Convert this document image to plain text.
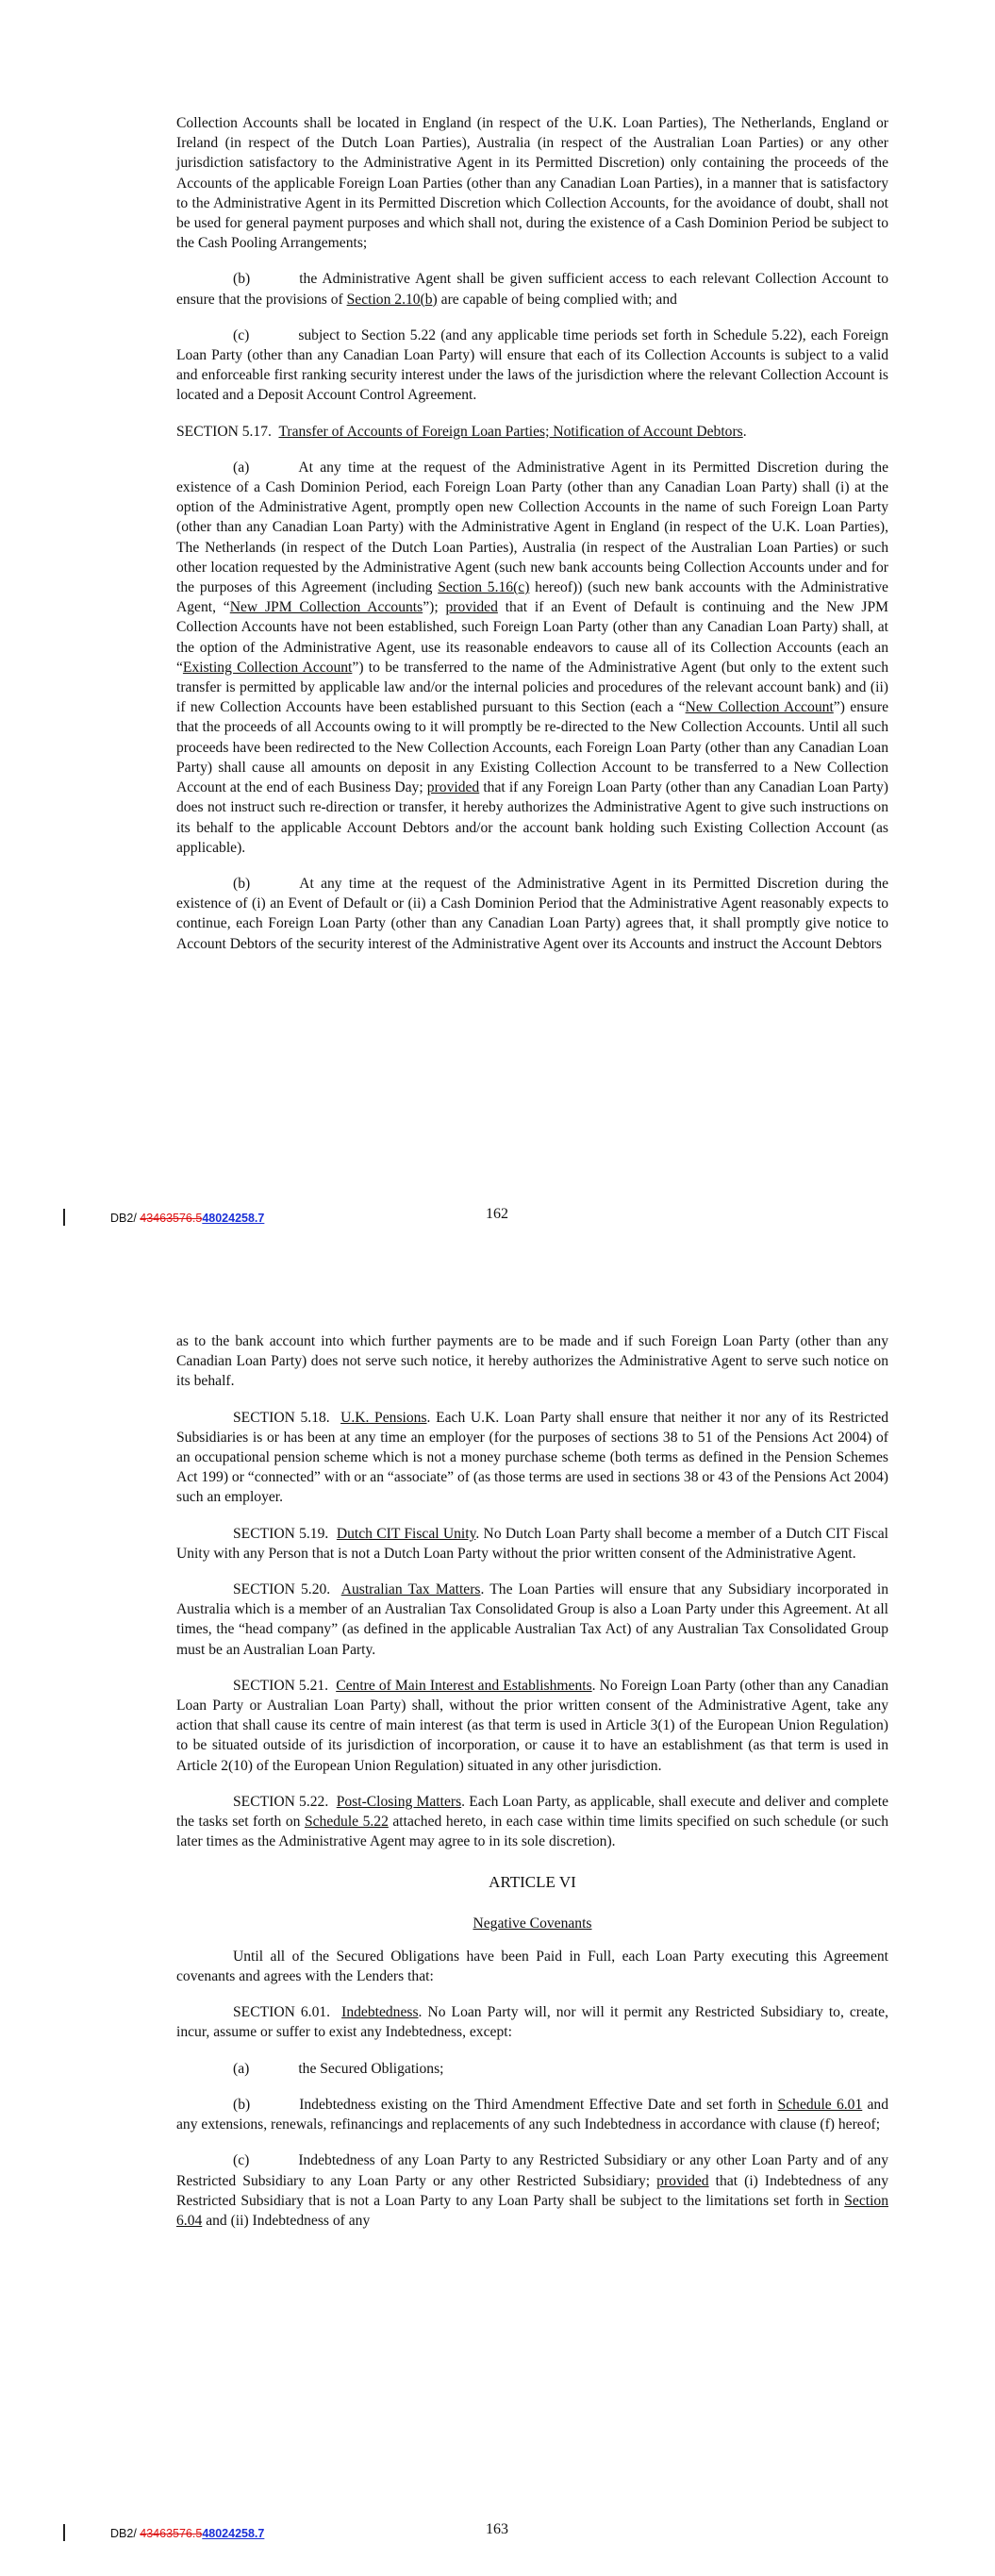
Collection Accounts shall be located in England (in respect of the U.K. Loan Parties), The Netherlands, England or Ireland (in respect of the Dutch Loan Parties), Australia (in respect of the Australian Loan Parties) or any other jurisdiction satisfactory to the Administrative Agent in its Permitted Discretion) only containing the proceeds of the Accounts of the applicable Foreign Loan Parties (other than any Canadian Loan Parties), in a manner that is satisfactory to the Administrative Agent in its Permitted Discretion which Collection Accounts, for the avoidance of doubt, shall not be used for general payment purposes and which shall not, during the existence of a Cash Dominion Period be subject to the Cash Pooling Arrangements;

(b)	the Administrative Agent shall be given sufficient access to each relevant Collection Account to ensure that the provisions of Section 2.10(b) are capable of being complied with; and

(c)	subject to Section 5.22 (and any applicable time periods set forth in Schedule 5.22), each Foreign Loan Party (other than any Canadian Loan Party) will ensure that each of its Collection Accounts is subject to a valid and enforceable first ranking security interest under the laws of the jurisdiction where the relevant Collection Account is located and a Deposit Account Control Agreement.

SECTION 5.17. Transfer of Accounts of Foreign Loan Parties; Notification of Account Debtors.

(a)	At any time at the request of the Administrative Agent in its Permitted Discretion during the existence of a Cash Dominion Period, each Foreign Loan Party (other than any Canadian Loan Party) shall (i) at the option of the Administrative Agent, promptly open new Collection Accounts in the name of such Foreign Loan Party (other than any Canadian Loan Party) with the Administrative Agent in England (in respect of the U.K. Loan Parties), The Netherlands (in respect of the Dutch Loan Parties), Australia (in respect of the Australian Loan Parties) or such other location requested by the Administrative Agent (such new bank accounts being Collection Accounts under and for the purposes of this Agreement (including Section 5.16(c) hereof)) (such new bank accounts with the Administrative Agent, “New JPM Collection Accounts”); provided that if an Event of Default is continuing and the New JPM Collection Accounts have not been established, such Foreign Loan Party (other than any Canadian Loan Party) shall, at the option of the Administrative Agent, use its reasonable endeavors to cause all of its Collection Accounts (each an “Existing Collection Account”) to be transferred to the name of the Administrative Agent (but only to the extent such transfer is permitted by applicable law and/or the internal policies and procedures of the relevant account bank) and (ii) if new Collection Accounts have been established pursuant to this Section (each a “New Collection Account”) ensure that the proceeds of all Accounts owing to it will promptly be re-directed to the New Collection Accounts. Until all such proceeds have been redirected to the New Collection Accounts, each Foreign Loan Party (other than any Canadian Loan Party) shall cause all amounts on deposit in any Existing Collection Account to be transferred to a New Collection Account at the end of each Business Day; provided that if any Foreign Loan Party (other than any Canadian Loan Party) does not instruct such re-direction or transfer, it hereby authorizes the Administrative Agent to give such instructions on its behalf to the applicable Account Debtors and/or the account bank holding such Existing Collection Account (as applicable).

(b)	At any time at the request of the Administrative Agent in its Permitted Discretion during the existence of (i) an Event of Default or (ii) a Cash Dominion Period that the Administrative Agent reasonably expects to continue, each Foreign Loan Party (other than any Canadian Loan Party) agrees that, it shall promptly give notice to Account Debtors of the security interest of the Administrative Agent over its Accounts and instruct the Account Debtors

DB2/ 43463576.548024258.7	162

as to the bank account into which further payments are to be made and if such Foreign Loan Party (other than any Canadian Loan Party) does not serve such notice, it hereby authorizes the Administrative Agent to serve such notice on its behalf.

SECTION 5.18. U.K. Pensions. Each U.K. Loan Party shall ensure that neither it nor any of its Restricted Subsidiaries is or has been at any time an employer (for the purposes of sections 38 to 51 of the Pensions Act 2004) of an occupational pension scheme which is not a money purchase scheme (both terms as defined in the Pension Schemes Act 199) or “connected” with or an “associate” of (as those terms are used in sections 38 or 43 of the Pensions Act 2004) such an employer.

SECTION 5.19. Dutch CIT Fiscal Unity. No Dutch Loan Party shall become a member of a Dutch CIT Fiscal Unity with any Person that is not a Dutch Loan Party without the prior written consent of the Administrative Agent.

SECTION 5.20. Australian Tax Matters. The Loan Parties will ensure that any Subsidiary incorporated in Australia which is a member of an Australian Tax Consolidated Group is also a Loan Party under this Agreement. At all times, the “head company” (as defined in the applicable Australian Tax Act) of any Australian Tax Consolidated Group must be an Australian Loan Party.

SECTION 5.21. Centre of Main Interest and Establishments. No Foreign Loan Party (other than any Canadian Loan Party or Australian Loan Party) shall, without the prior written consent of the Administrative Agent, take any action that shall cause its centre of main interest (as that term is used in Article 3(1) of the European Union Regulation) to be situated outside of its jurisdiction of incorporation, or cause it to have an establishment (as that term is used in Article 2(10) of the European Union Regulation) situated in any other jurisdiction.

SECTION 5.22. Post-Closing Matters. Each Loan Party, as applicable, shall execute and deliver and complete the tasks set forth on Schedule 5.22 attached hereto, in each case within time limits specified on such schedule (or such later times as the Administrative Agent may agree to in its sole discretion).

ARTICLE VI

Negative Covenants

Until all of the Secured Obligations have been Paid in Full, each Loan Party executing this Agreement covenants and agrees with the Lenders that:

SECTION 6.01. Indebtedness. No Loan Party will, nor will it permit any Restricted Subsidiary to, create, incur, assume or suffer to exist any Indebtedness, except:

(a)	the Secured Obligations;

(b)	Indebtedness existing on the Third Amendment Effective Date and set forth in Schedule 6.01 and any extensions, renewals, refinancings and replacements of any such Indebtedness in accordance with clause (f) hereof;

(c)	Indebtedness of any Loan Party to any Restricted Subsidiary or any other Loan Party and of any Restricted Subsidiary to any Loan Party or any other Restricted Subsidiary; provided that (i) Indebtedness of any Restricted Subsidiary that is not a Loan Party to any Loan Party shall be subject to the limitations set forth in Section 6.04 and (ii) Indebtedness of any

DB2/ 43463576.548024258.7	163
